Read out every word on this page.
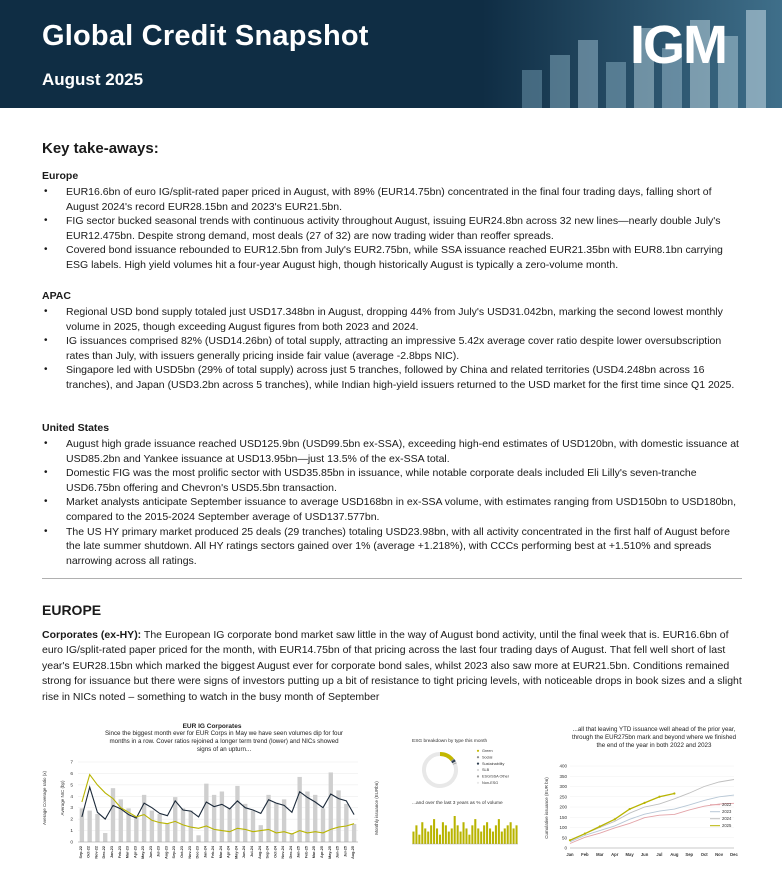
Global Credit Snapshot
August 2025
IGM
Key take-aways:
Europe
• EUR16.6bn of euro IG/split-rated paper priced in August, with 89% (EUR14.75bn) concentrated in the final four trading days, falling short of August 2024's record EUR28.15bn and 2023's EUR21.5bn.
• FIG sector bucked seasonal trends with continuous activity throughout August, issuing EUR24.8bn across 32 new lines—nearly double July's EUR12.475bn. Despite strong demand, most deals (27 of 32) are now trading wider than reoffer spreads.
• Covered bond issuance rebounded to EUR12.5bn from July's EUR2.75bn, while SSA issuance reached EUR21.35bn with EUR8.1bn carrying ESG labels. High yield volumes hit a four-year August high, though historically August is typically a zero-volume month.
APAC
• Regional USD bond supply totaled just USD17.348bn in August, dropping 44% from July's USD31.042bn, marking the second lowest monthly volume in 2025, though exceeding August figures from both 2023 and 2024.
• IG issuances comprised 82% (USD14.26bn) of total supply, attracting an impressive 5.42x average cover ratio despite lower oversubscription rates than July, with issuers generally pricing inside fair value (average -2.8bps NIC).
• Singapore led with USD5bn (29% of total supply) across just 5 tranches, followed by China and related territories (USD4.248bn across 16 tranches), and Japan (USD3.2bn across 5 tranches), while Indian high-yield issuers returned to the USD market for the first time since Q1 2025.
United States
• August high grade issuance reached USD125.9bn (USD99.5bn ex-SSA), exceeding high-end estimates of USD120bn, with domestic issuance at USD85.2bn and Yankee issuance at USD13.95bn—just 13.5% of the ex-SSA total.
• Domestic FIG was the most prolific sector with USD35.85bn in issuance, while notable corporate deals included Eli Lilly's seven-tranche USD6.75bn offering and Chevron's USD5.5bn transaction.
• Market analysts anticipate September issuance to average USD168bn in ex-SSA volume, with estimates ranging from USD150bn to USD180bn, compared to the 2015-2024 September average of USD137.577bn.
• The US HY primary market produced 25 deals (29 tranches) totaling USD23.98bn, with all activity concentrated in the first half of August before the late summer shutdown. All HY ratings sectors gained over 1% (average +1.218%), with CCCs performing best at +1.510% and spreads narrowing across all ratings.
EUROPE
Corporates (ex-HY): The European IG corporate bond market saw little in the way of August bond activity, until the final week that is. EUR16.6bn of euro IG/split-rated paper priced for the month, with EUR14.75bn of that pricing across the last four trading days of August. That fell well short of last year's EUR28.15bn which marked the biggest August ever for corporate bond sales, whilst 2023 also saw more at EUR21.5bn. Conditions remained strong for issuance but there were signs of investors putting up a bit of resistance to tight pricing levels, with noticeable drops in book sizes and a slight rise in NICs noted – something to watch in the busy month of September
EUR IG Corporates
Since the biggest month ever for EUR Corps in May we have seen volumes dip for four months in a row. Cover ratios rejoined a longer term trend (lower) and NICs showed signs of an upturn...
Average Coverage ratio (x)	Average NIC (bp)	Monthly issuance (EURbn)
0
1
2
3
4
5
6
7
Sep-22 Oct-22 Nov-22 Dec-22 Jan-23 Feb-23 Mar-23 Apr-23 May-23 Jun-23 Jul-23 Aug-23 Sep-23 Oct-23 Nov-23 Dec-23 Jan-24 Feb-24 Mar-24 Apr-24 May-24 Jun-24 Jul-24 Aug-24 Sep-24 Oct-24 Nov-24 Dec-24 Jan-25 Feb-25 Mar-25 Apr-25 May-25 Jun-25 Jul-25 Aug-25
ESG breakdown by type this month
Green
Social
Sustainability
SLB
ESG/SSA Other
Non-ESG
...and over the last 3 years as % of volume
...all that leaving YTD issuance well ahead of the prior year, through the EUR275bn mark and beyond where we finished the end of the year in both 2022 and 2023
Cumulative issuance (EUR bn)
0
50
100
150
200
250
300
350
400
Jan Feb Mar Apr May Jun Jul Aug Sep Oct Nov Dec
2022
2023
2024
2025
